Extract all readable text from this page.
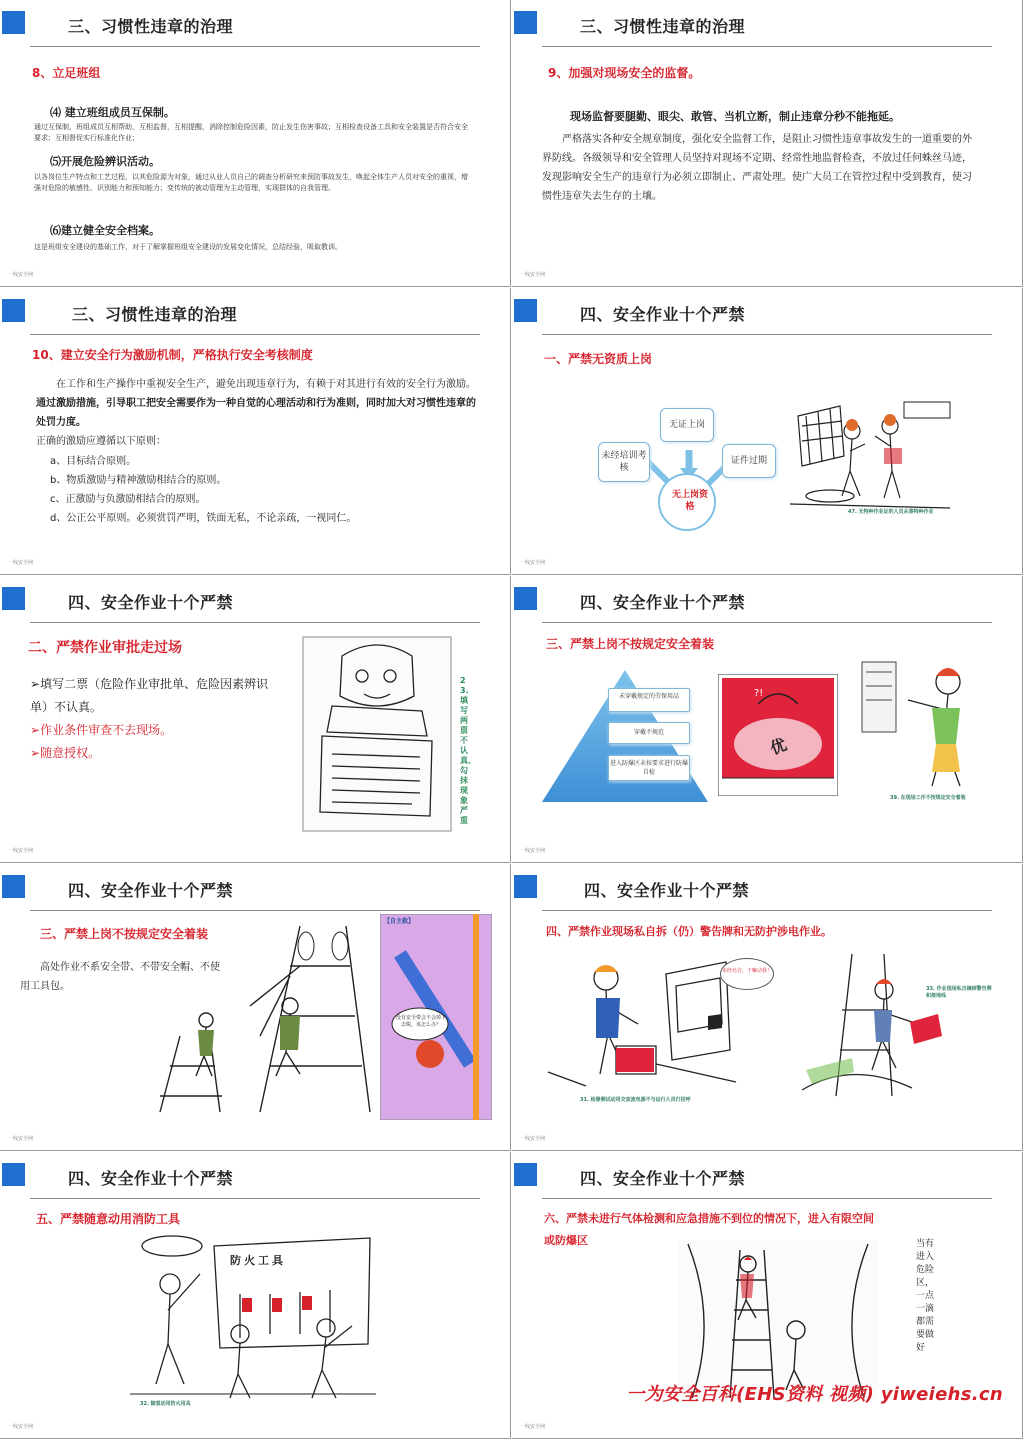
三、习惯性违章的治理
8、立足班组
⑷ 建立班组成员互保制。
通过互保制，班组成员互相帮助，互相监督，互相提醒，消除控制危险因素，防止发生伤害事故；互相检查设备工具和安全装置是否符合安全要求；互相督促实行标准化作业；
⑸开展危险辨识活动。
以各岗位生产特点和工艺过程，以其危险源为对象，通过从业人员自己的调查分析研究来预防事故发生，唤起全体生产人员对安全的重视，增强对危险的敏感性、识别能力和预知能力；变传统的被动管理为主动管理，实现群体的自我管理。
⑹建立健全安全档案。
这是班组安全建设的基础工作，对于了解掌握班组安全建设的发展变化情况，总结经验，吸取教训。
一线安全网
三、习惯性违章的治理
9、加强对现场安全的监督。
现场监督要腿勤、眼尖、敢管、当机立断，制止违章分秒不能拖延。
严格落实各种安全规章制度，强化安全监督工作，是阻止习惯性违章事故发生的一道重要的外界防线。各级领导和安全管理人员坚持对现场不定期、经常性地监督检查，不放过任何蛛丝马迹，发现影响安全生产的违章行为必须立即制止、严肃处理。使广大员工在管控过程中受到教育，使习惯性违章失去生存的土壤。
一线安全网
三、习惯性违章的治理
10、建立安全行为激励机制，严格执行安全考核制度
在工作和生产操作中重视安全生产，避免出现违章行为，有赖于对其进行有效的安全行为激励。通过激励措施，引导职工把安全需要作为一种自觉的心理活动和行为准则，同时加大对习惯性违章的处罚力度。
正确的激励应遵循以下原则：
a、目标结合原则。
b、物质激励与精神激励相结合的原则。
c、正激励与负激励相结合的原则。
d、公正公平原则。必须赏罚严明，铁面无私，不论亲疏，一视同仁。
一线安全网
四、安全作业十个严禁
一、严禁无资质上岗
无证上岗
未经培训考核
证件过期
无上岗资格	47. 无特种作业证的人员从事特种作业
一线安全网
四、安全作业十个严禁
二、严禁作业审批走过场
➢填写二票（危险作业审批单、危险因素辨识单）不认真。
➢作业条件审查不去现场。
➢随意授权。
23. 填写两票不认真、勾抹现象严重
一线安全网
四、安全作业十个严禁
三、严禁上岗不按规定安全着装
未穿戴规定的劳保用品
穿戴不规范
进入防爆区未按要求进行防爆自检
?!
优
39. 在现场工作不按规定安全着装
一线安全网
四、安全作业十个严禁
三、严禁上岗不按规定安全着装
高处作业不系安全带、不带安全帽、不使用工具包。
【自主救】
没有安全带会不会掉下去呢，该怎么办？
一线安全网
四、安全作业十个严禁
四、严禁作业现场私自拆（仍）警告牌和无防护涉电作业。
未经允许，干嘛动我！
31. 检修测试动用交直流电源不与运行人员打招呼
33. 作业现场私自摘掉警告牌和接地线
一线安全网
四、安全作业十个严禁
五、严禁随意动用消防工具
防火工具
32. 随意动用防火用具
一线安全网
四、安全作业十个严禁
六、严禁未进行气体检测和应急措施不到位的情况下，进入有限空间或防爆区	当有进入危险区，一点一滴都需要做好
一线安全网
一为安全百科(EHS资料 视频) yiweiehs.cn
